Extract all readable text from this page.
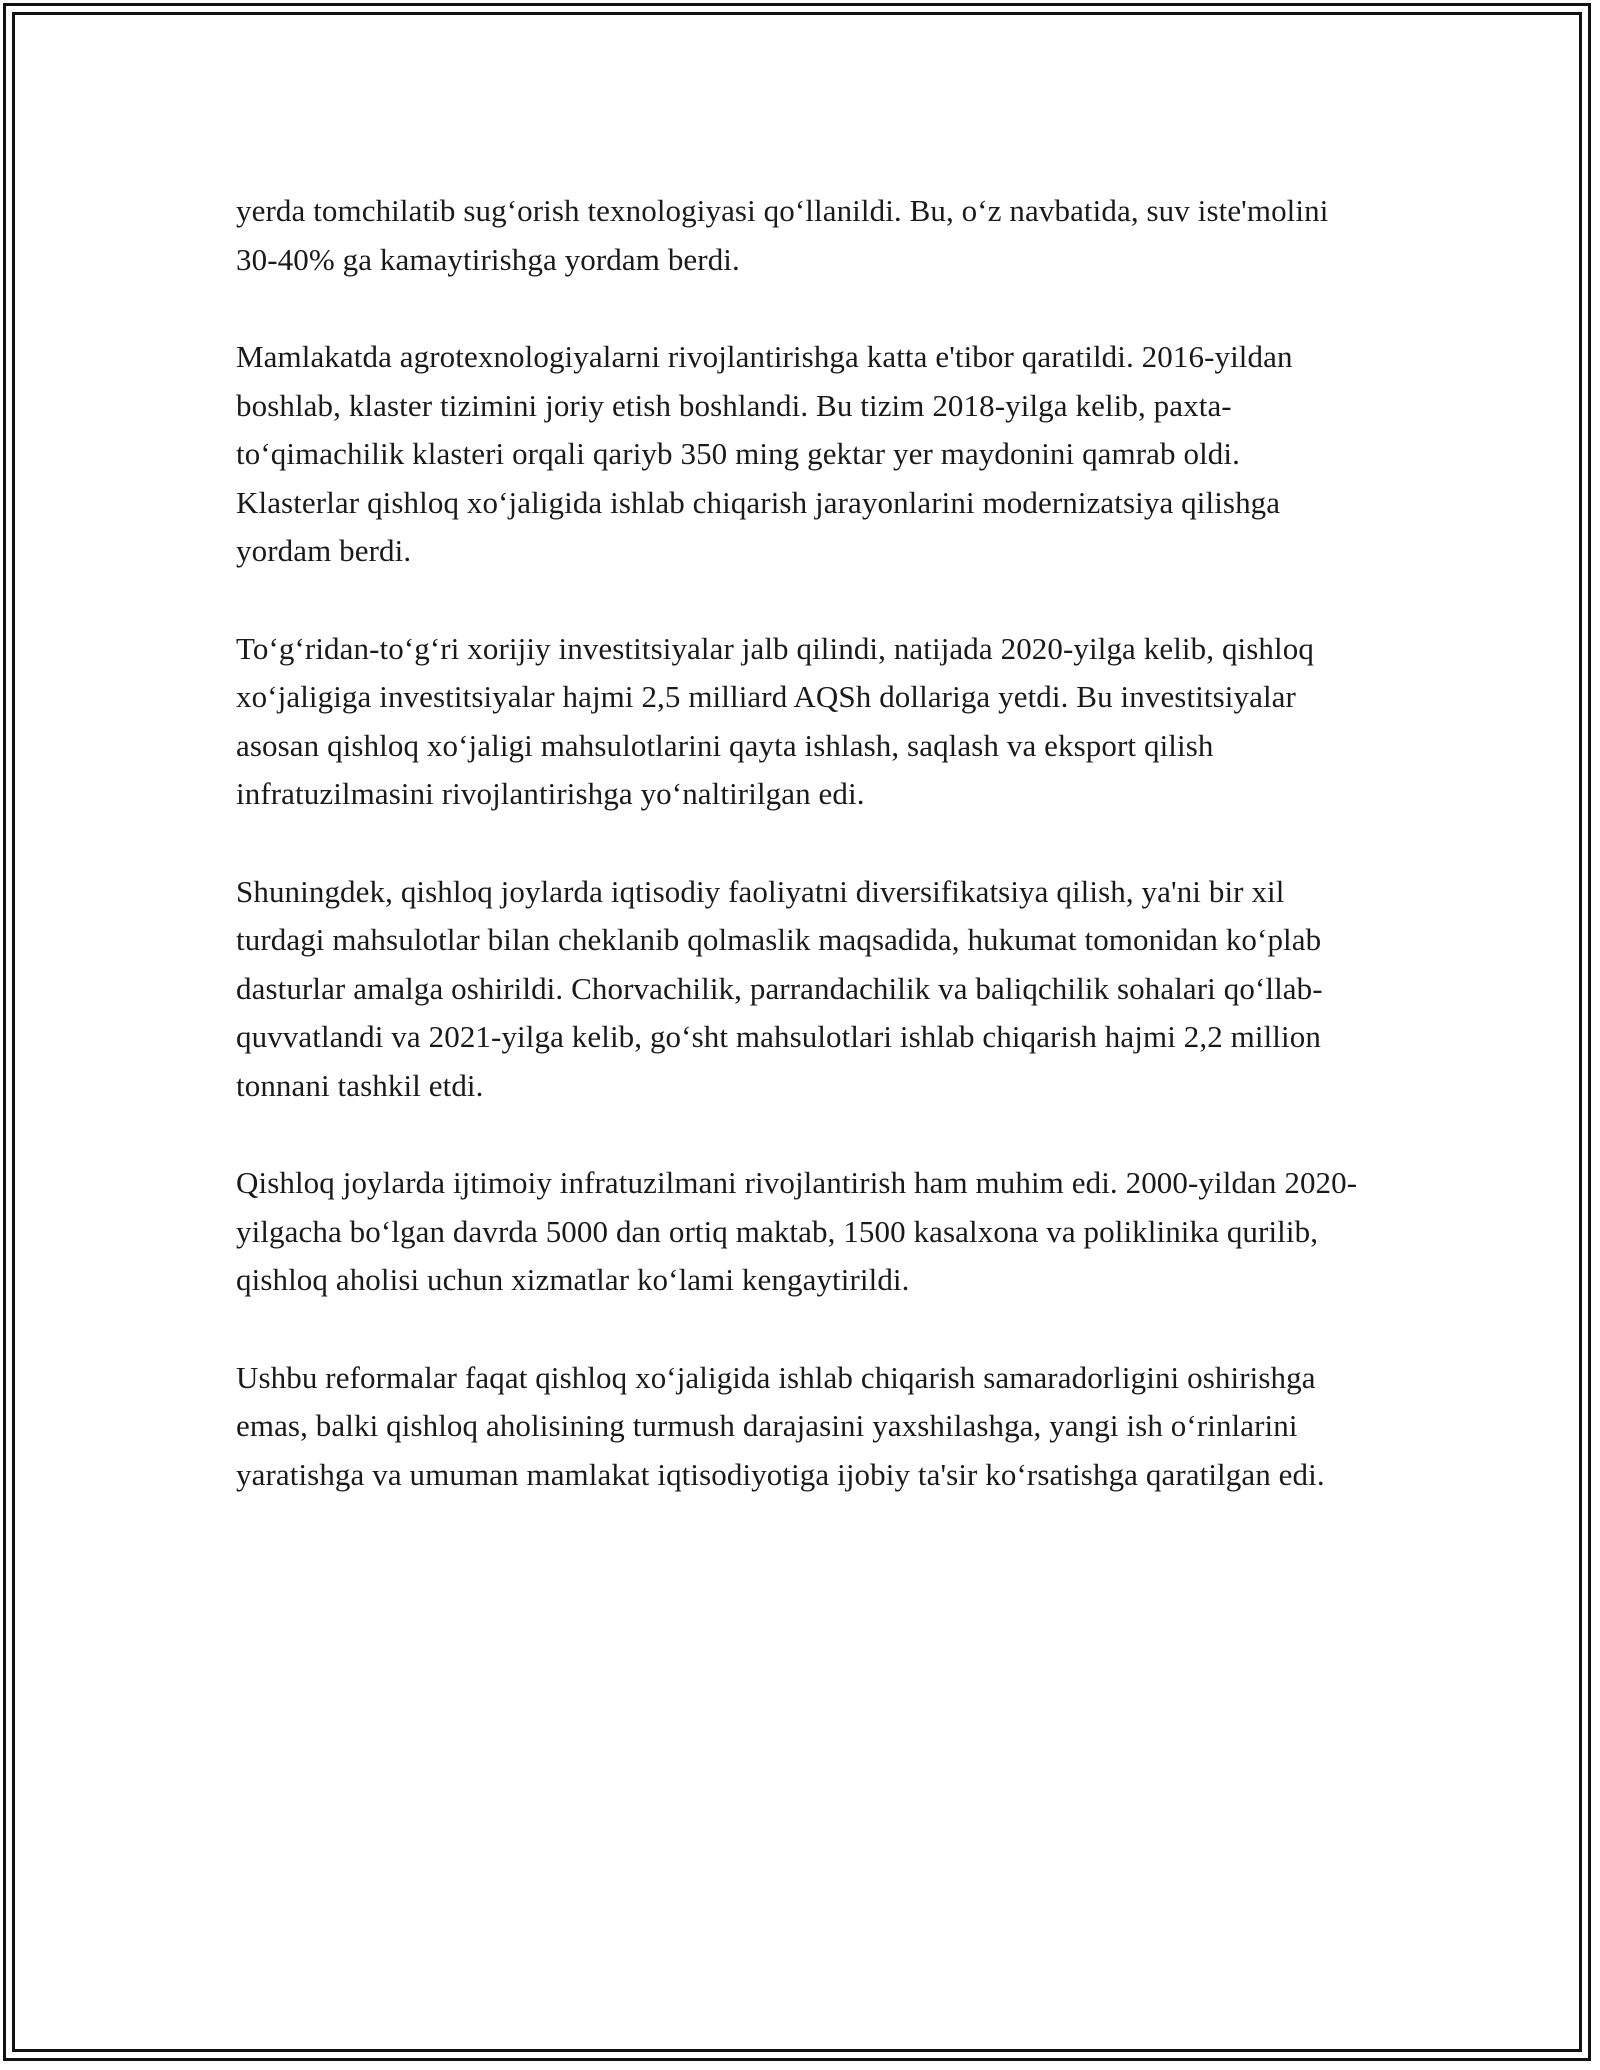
yerda tomchilatib sug‘orish texnologiyasi qo‘llanildi. Bu, o‘z navbatida, suv iste'molini 30-40% ga kamaytirishga yordam berdi.

Mamlakatda agrotexnologiyalarni rivojlantirishga katta e'tibor qaratildi. 2016-yildan boshlab, klaster tizimini joriy etish boshlandi. Bu tizim 2018-yilga kelib, paxta-to‘qimachilik klasteri orqali qariyb 350 ming gektar yer maydonini qamrab oldi. Klasterlar qishloq xo‘jaligida ishlab chiqarish jarayonlarini modernizatsiya qilishga yordam berdi.

To‘g‘ridan-to‘g‘ri xorijiy investitsiyalar jalb qilindi, natijada 2020-yilga kelib, qishloq xo‘jaligiga investitsiyalar hajmi 2,5 milliard AQSh dollariga yetdi. Bu investitsiyalar asosan qishloq xo‘jaligi mahsulotlarini qayta ishlash, saqlash va eksport qilish infratuzilmasini rivojlantirishga yo‘naltirilgan edi.

Shuningdek, qishloq joylarda iqtisodiy faoliyatni diversifikatsiya qilish, ya'ni bir xil turdagi mahsulotlar bilan cheklanib qolmaslik maqsadida, hukumat tomonidan ko‘plab dasturlar amalga oshirildi. Chorvachilik, parrandachilik va baliqchilik sohalari qo‘llab-quvvatlandi va 2021-yilga kelib, go‘sht mahsulotlari ishlab chiqarish hajmi 2,2 million tonnani tashkil etdi.

Qishloq joylarda ijtimoiy infratuzilmani rivojlantirish ham muhim edi. 2000-yildan 2020-yilgacha bo‘lgan davrda 5000 dan ortiq maktab, 1500 kasalxona va poliklinika qurilib, qishloq aholisi uchun xizmatlar ko‘lami kengaytirildi.

Ushbu reformalar faqat qishloq xo‘jaligida ishlab chiqarish samaradorligini oshirishga emas, balki qishloq aholisining turmush darajasini yaxshilashga, yangi ish o‘rinlarini yaratishga va umuman mamlakat iqtisodiyotiga ijobiy ta'sir ko‘rsatishga qaratilgan edi.
